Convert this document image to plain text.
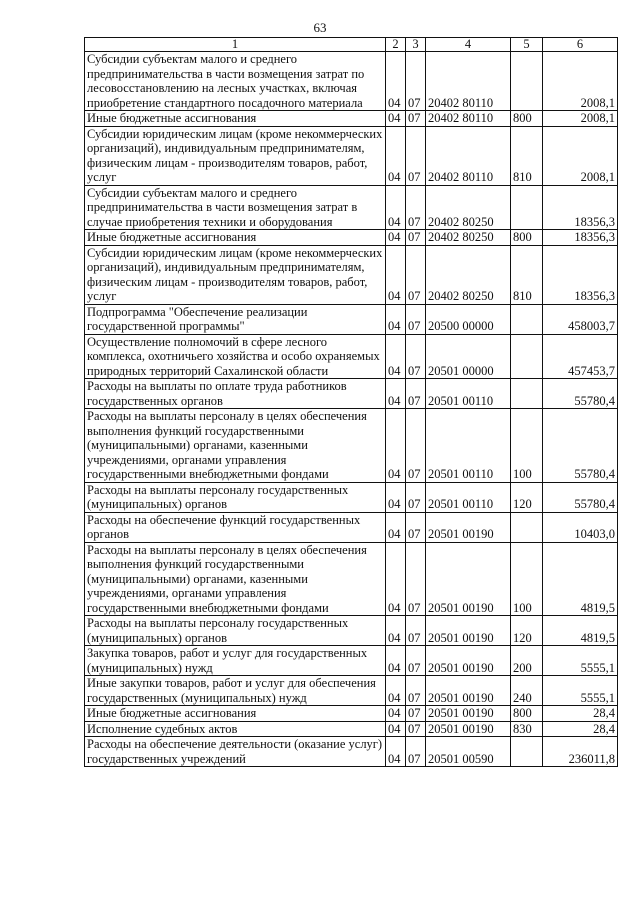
63
1	2	3	4	5	6
Субсидии субъектам малого и среднего предпринимательства в части возмещения затрат по лесовосстановлению на лесных участках, включая приобретение стандартного посадочного материала	04	07	20402 80110		2008,1
Иные бюджетные ассигнования	04	07	20402 80110	800	2008,1
Субсидии юридическим лицам (кроме некоммерческих организаций), индивидуальным предпринимателям, физическим лицам - производителям товаров, работ, услуг	04	07	20402 80110	810	2008,1
Субсидии субъектам малого и среднего предпринимательства в части возмещения затрат в случае приобретения техники и оборудования	04	07	20402 80250		18356,3
Иные бюджетные ассигнования	04	07	20402 80250	800	18356,3
Субсидии юридическим лицам (кроме некоммерческих организаций), индивидуальным предпринимателям, физическим лицам - производителям товаров, работ, услуг	04	07	20402 80250	810	18356,3
Подпрограмма "Обеспечение реализации государственной программы"	04	07	20500 00000		458003,7
Осуществление полномочий в сфере лесного комплекса, охотничьего хозяйства и особо охраняемых природных территорий Сахалинской области	04	07	20501 00000		457453,7
Расходы на выплаты по оплате труда работников государственных органов	04	07	20501 00110		55780,4
Расходы на выплаты персоналу в целях обеспечения выполнения функций государственными (муниципальными) органами, казенными учреждениями, органами управления государственными внебюджетными фондами	04	07	20501 00110	100	55780,4
Расходы на выплаты персоналу государственных (муниципальных) органов	04	07	20501 00110	120	55780,4
Расходы на обеспечение функций государственных органов	04	07	20501 00190		10403,0
Расходы на выплаты персоналу в целях обеспечения выполнения функций государственными (муниципальными) органами, казенными учреждениями, органами управления государственными внебюджетными фондами	04	07	20501 00190	100	4819,5
Расходы на выплаты персоналу государственных (муниципальных) органов	04	07	20501 00190	120	4819,5
Закупка товаров, работ и услуг для государственных (муниципальных) нужд	04	07	20501 00190	200	5555,1
Иные закупки товаров, работ и услуг для обеспечения государственных (муниципальных) нужд	04	07	20501 00190	240	5555,1
Иные бюджетные ассигнования	04	07	20501 00190	800	28,4
Исполнение судебных актов	04	07	20501 00190	830	28,4
Расходы на обеспечение деятельности (оказание услуг) государственных учреждений	04	07	20501 00590		236011,8
